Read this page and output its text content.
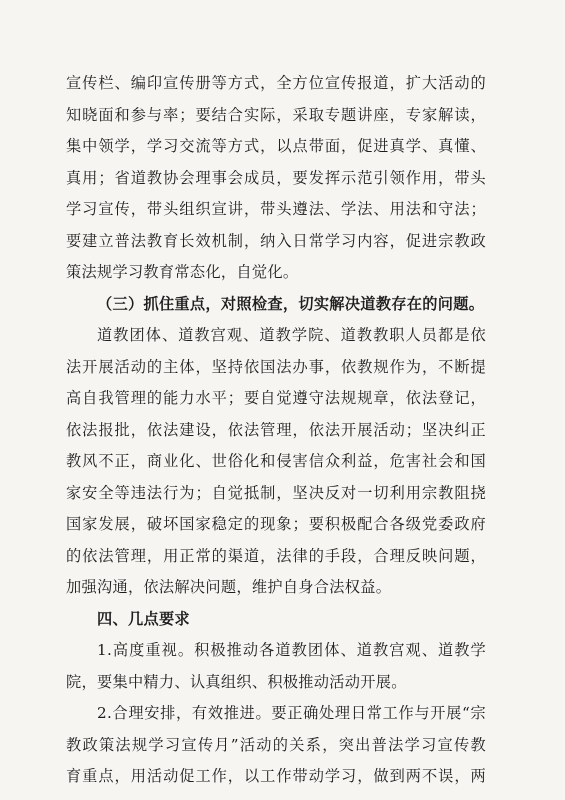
宣传栏、编印宣传册等方式，全方位宣传报道，扩大活动的
知晓面和参与率；要结合实际，采取专题讲座，专家解读，
集中领学，学习交流等方式，以点带面，促进真学、真懂、
真用；省道教协会理事会成员，要发挥示范引领作用，带头
学习宣传，带头组织宣讲，带头遵法、学法、用法和守法；
要建立普法教育长效机制，纳入日常学习内容，促进宗教政
策法规学习教育常态化，自觉化。
（三）抓住重点，对照检查，切实解决道教存在的问题。
道教团体、道教宫观、道教学院、道教教职人员都是依
法开展活动的主体，坚持依国法办事，依教规作为，不断提
高自我管理的能力水平；要自觉遵守法规规章，依法登记，
依法报批，依法建设，依法管理，依法开展活动；坚决纠正
教风不正，商业化、世俗化和侵害信众利益，危害社会和国
家安全等违法行为；自觉抵制，坚决反对一切利用宗教阻挠
国家发展，破坏国家稳定的现象；要积极配合各级党委政府
的依法管理，用正常的渠道，法律的手段，合理反映问题，
加强沟通，依法解决问题，维护自身合法权益。
四、几点要求
1.高度重视。积极推动各道教团体、道教宫观、道教学
院，要集中精力、认真组织、积极推动活动开展。
2.合理安排，有效推进。要正确处理日常工作与开展“宗
教政策法规学习宣传月”活动的关系，突出普法学习宣传教
育重点，用活动促工作，以工作带动学习，做到两不误，两
